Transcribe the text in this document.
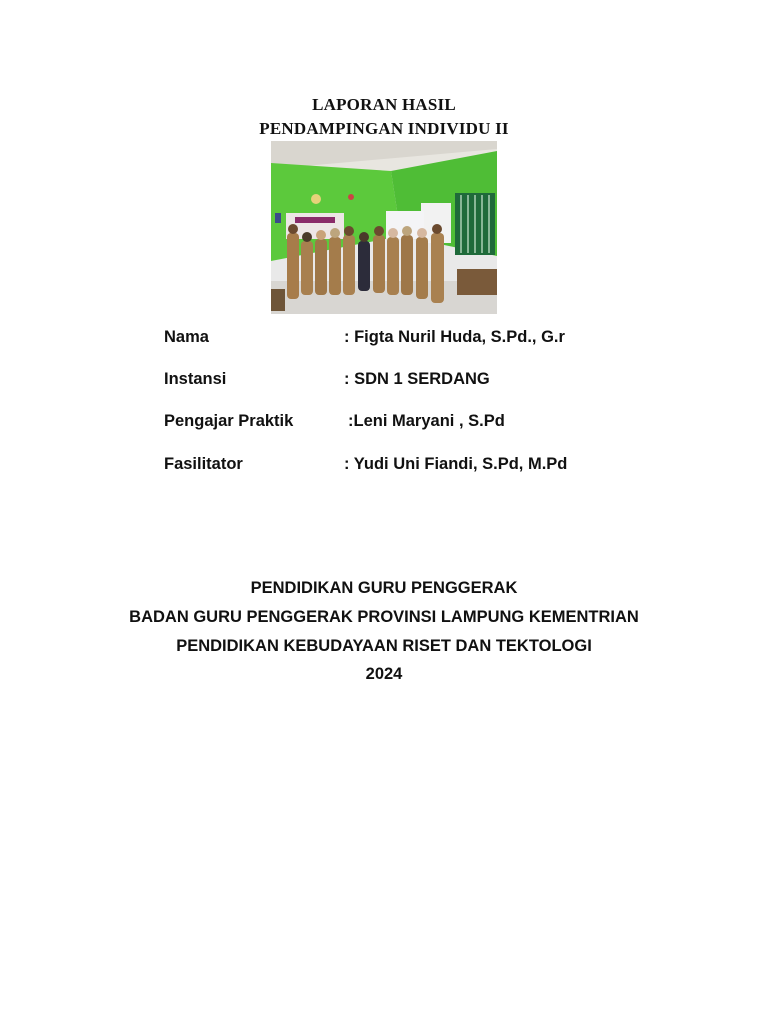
LAPORAN HASIL
PENDAMPINGAN INDIVIDU II
Nama	: Figta Nuril Huda, S.Pd., G.r
Instansi	: SDN 1 SERDANG
Pengajar Praktik	:Leni Maryani , S.Pd
Fasilitator	: Yudi Uni Fiandi, S.Pd, M.Pd
PENDIDIKAN GURU PENGGERAK
BADAN GURU PENGGERAK PROVINSI LAMPUNG KEMENTRIAN
PENDIDIKAN KEBUDAYAAN RISET DAN TEKTOLOGI
2024
